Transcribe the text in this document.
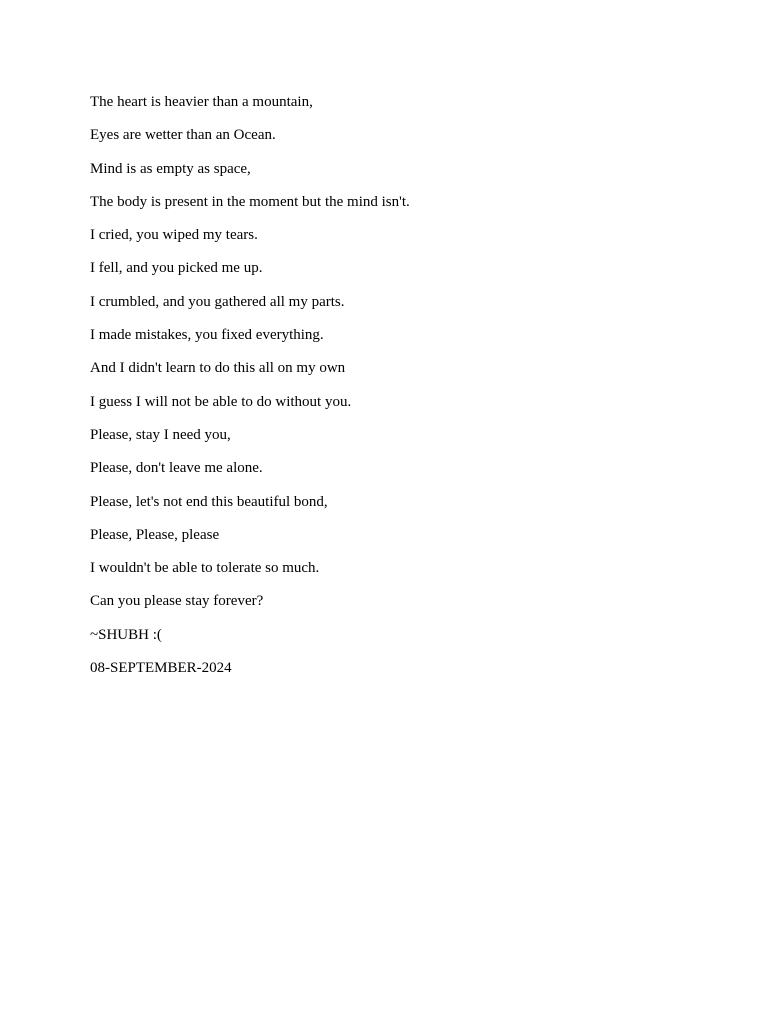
The heart is heavier than a mountain,

Eyes are wetter than an Ocean.

Mind is as empty as space,

The body is present in the moment but the mind isn't.

I cried, you wiped my tears.

I fell, and you picked me up.

I crumbled, and you gathered all my parts.

I made mistakes, you fixed everything.

And I didn't learn to do this all on my own

I guess I will not be able to do without you.

Please, stay I need you,

Please, don't leave me alone.

Please, let's not end this beautiful bond,

Please, Please, please

I wouldn't be able to tolerate so much.

Can you please stay forever?

~SHUBH :(

08-SEPTEMBER-2024
